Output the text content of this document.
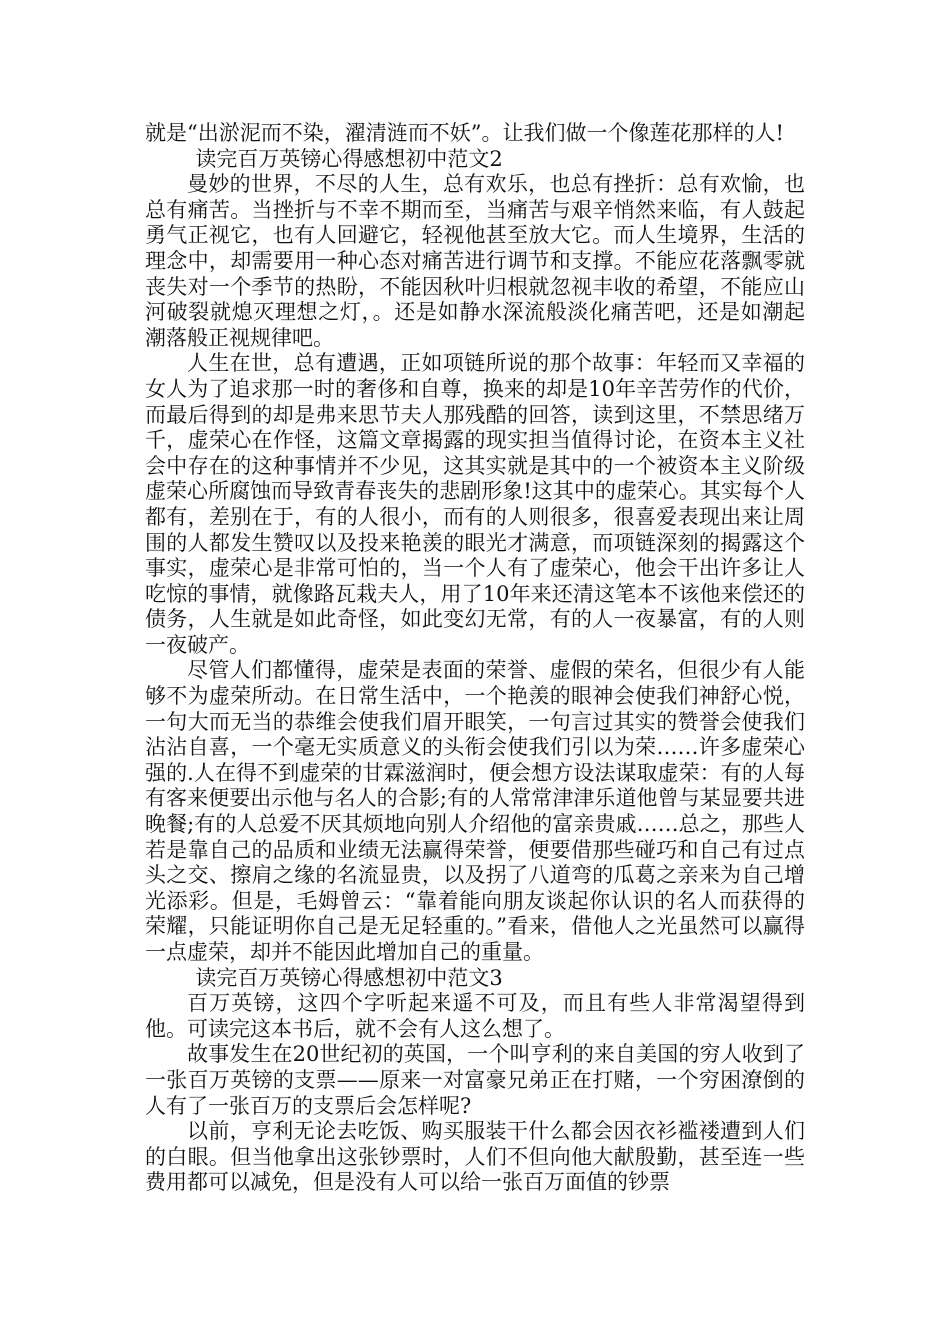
就是“出淤泥而不染，濯清涟而不妖”。让我们做一个像莲花那样的人!

读完百万英镑心得感想初中范文2

曼妙的世界，不尽的人生，总有欢乐，也总有挫折：总有欢愉，也总有痛苦。当挫折与不幸不期而至，当痛苦与艰辛悄然来临，有人鼓起勇气正视它，也有人回避它，轻视他甚至放大它。而人生境界，生活的理念中，却需要用一种心态对痛苦进行调节和支撑。不能应花落飘零就丧失对一个季节的热盼，不能因秋叶归根就忽视丰收的希望，不能应山河破裂就熄灭理想之灯，。还是如静水深流般淡化痛苦吧，还是如潮起潮落般正视规律吧。

人生在世，总有遭遇，正如项链所说的那个故事：年轻而又幸福的女人为了追求那一时的奢侈和自尊，换来的却是10年辛苦劳作的代价，而最后得到的却是弗来思节夫人那残酷的回答，读到这里，不禁思绪万千，虚荣心在作怪，这篇文章揭露的现实担当值得讨论，在资本主义社会中存在的这种事情并不少见，这其实就是其中的一个被资本主义阶级虚荣心所腐蚀而导致青春丧失的悲剧形象!这其中的虚荣心。其实每个人都有，差别在于，有的人很小，而有的人则很多，很喜爱表现出来让周围的人都发生赞叹以及投来艳羡的眼光才满意，而项链深刻的揭露这个事实，虚荣心是非常可怕的，当一个人有了虚荣心，他会干出许多让人吃惊的事情，就像路瓦栽夫人，用了10年来还清这笔本不该他来偿还的债务，人生就是如此奇怪，如此变幻无常，有的人一夜暴富，有的人则一夜破产。

尽管人们都懂得，虚荣是表面的荣誉、虚假的荣名，但很少有人能够不为虚荣所动。在日常生活中，一个艳羡的眼神会使我们神舒心悦，一句大而无当的恭维会使我们眉开眼笑，一句言过其实的赞誉会使我们沾沾自喜，一个毫无实质意义的头衔会使我们引以为荣……许多虚荣心强的.人在得不到虚荣的甘霖滋润时，便会想方设法谋取虚荣：有的人每有客来便要出示他与名人的合影;有的人常常津津乐道他曾与某显要共进晚餐;有的人总爱不厌其烦地向别人介绍他的富亲贵戚……总之，那些人若是靠自己的品质和业绩无法赢得荣誉，便要借那些碰巧和自己有过点头之交、擦肩之缘的名流显贵，以及拐了八道弯的瓜葛之亲来为自己增光添彩。但是，毛姆曾云：“靠着能向朋友谈起你认识的名人而获得的荣耀，只能证明你自己是无足轻重的。”看来，借他人之光虽然可以赢得一点虚荣，却并不能因此增加自己的重量。

读完百万英镑心得感想初中范文3

百万英镑，这四个字听起来遥不可及，而且有些人非常渴望得到他。可读完这本书后，就不会有人这么想了。

故事发生在20世纪初的英国，一个叫亨利的来自美国的穷人收到了一张百万英镑的支票——原来一对富豪兄弟正在打赌，一个穷困潦倒的人有了一张百万的支票后会怎样呢?

以前，亨利无论去吃饭、购买服装干什么都会因衣衫褴褛遭到人们的白眼。但当他拿出这张钞票时，人们不但向他大献殷勤，甚至连一些费用都可以减免，但是没有人可以给一张百万面值的钞票
